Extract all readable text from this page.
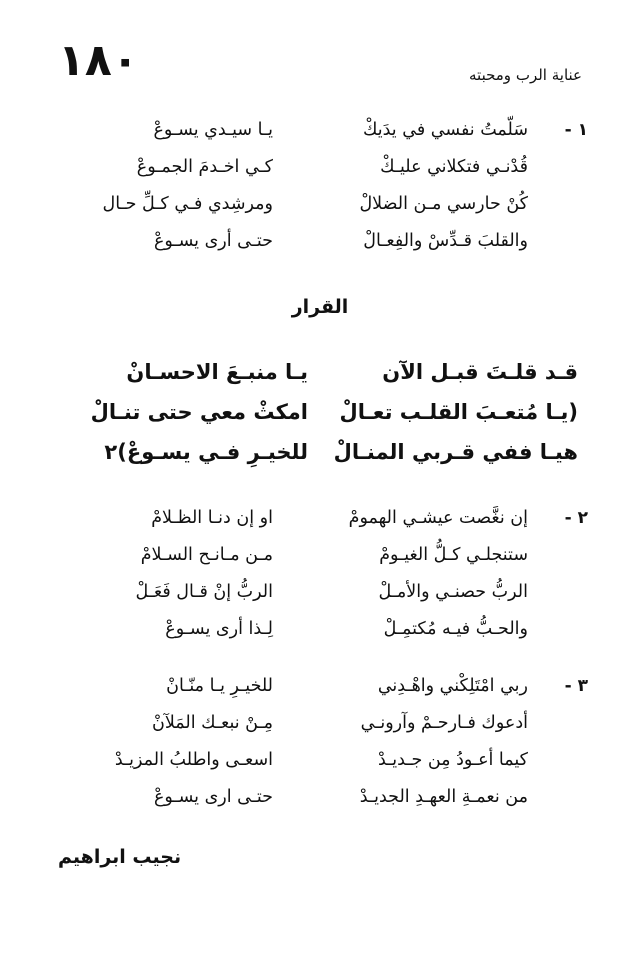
١٨٠	عناية الرب ومحبته
١ -
سَلّمتُ نفسي في يدَيكْ
يـا سيـدي يسـوعْ
قُدْنـي فتكلاني عليـكْ
كـي اخـدمَ الجمـوعْ
كُنْ حارسي مـن الضلالْ
ومرشِدي فـي كـلِّ حـال
والقلبَ قـدِّسْ والفِعـالْ
حتـى أرى يسـوعْ
القرار
قـد قلـتَ قبـل الآن
يـا منبـعَ الاحسـانْ
(يـا مُتعـبَ القلـب تعـالْ
امكثْ معي حتى تنـالْ
هيـا ففي قـربي المنـالْ
للخيـرِ فـي يسـوعْ)٢
٢ -
إن نغَّصت عيشـي الهمومْ
او إن دنـا الظـلامْ
ستنجلـي كـلُّ الغيـومْ
مـن مـانـح السـلامْ
الربُّ حصنـي والأمـلْ
الربُّ إنْ قـال فَعَـلْ
والحـبُّ فيـه مُكتمِـلْ
لِـذا أرى يسـوعْ
٣ -
ربي امْتَلِكْني واهْـدِني
للخيـرِ يـا منّـانْ
أدعوك فـارحـمْ وآرونـي
مِـنْ نبعـك المَلآنْ
كيما أعـودُ مِن جـديـدْ
اسعـى واطلبُ المزيـدْ
من نعمـةِ العهـدِ الجديـدْ
حتـى اری يسـوعْ
نجيب ابراهيم
